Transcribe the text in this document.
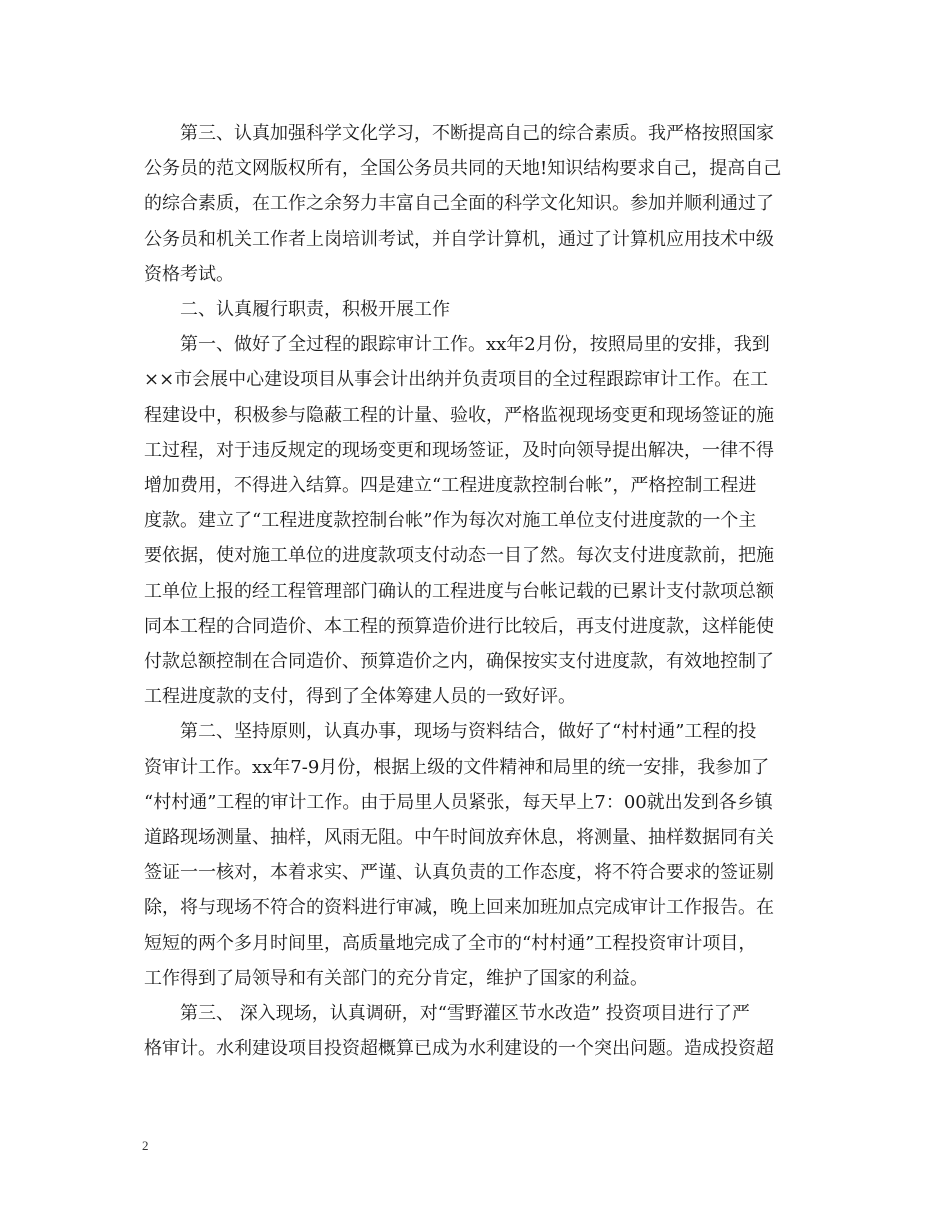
第三、认真加强科学文化学习，不断提高自己的综合素质。我严格按照国家
公务员的范文网版权所有，全国公务员共同的天地!知识结构要求自己，提高自己
的综合素质，在工作之余努力丰富自己全面的科学文化知识。参加并顺利通过了
公务员和机关工作者上岗培训考试，并自学计算机，通过了计算机应用技术中级
资格考试。

二、认真履行职责，积极开展工作

第一、做好了全过程的跟踪审计工作。xx年2月份，按照局里的安排，我到
××市会展中心建设项目从事会计出纳并负责项目的全过程跟踪审计工作。在工
程建设中，积极参与隐蔽工程的计量、验收，严格监视现场变更和现场签证的施
工过程，对于违反规定的现场变更和现场签证，及时向领导提出解决，一律不得
增加费用，不得进入结算。四是建立“工程进度款控制台帐”，严格控制工程进
度款。建立了“工程进度款控制台帐”作为每次对施工单位支付进度款的一个主
要依据，使对施工单位的进度款项支付动态一目了然。每次支付进度款前，把施
工单位上报的经工程管理部门确认的工程进度与台帐记载的已累计支付款项总额
同本工程的合同造价、本工程的预算造价进行比较后，再支付进度款，这样能使
付款总额控制在合同造价、预算造价之内，确保按实支付进度款，有效地控制了
工程进度款的支付，得到了全体筹建人员的一致好评。

第二、坚持原则，认真办事，现场与资料结合，做好了“村村通”工程的投
资审计工作。xx年7-9月份，根据上级的文件精神和局里的统一安排，我参加了
“村村通”工程的审计工作。由于局里人员紧张，每天早上7：00就出发到各乡镇
道路现场测量、抽样，风雨无阻。中午时间放弃休息，将测量、抽样数据同有关
签证一一核对，本着求实、严谨、认真负责的工作态度，将不符合要求的签证剔
除，将与现场不符合的资料进行审减，晚上回来加班加点完成审计工作报告。在
短短的两个多月时间里，高质量地完成了全市的“村村通”工程投资审计项目，
工作得到了局领导和有关部门的充分肯定，维护了国家的利益。

第三、 深入现场，认真调研，对“雪野灌区节水改造” 投资项目进行了严
格审计。水利建设项目投资超概算已成为水利建设的一个突出问题。造成投资超

2
